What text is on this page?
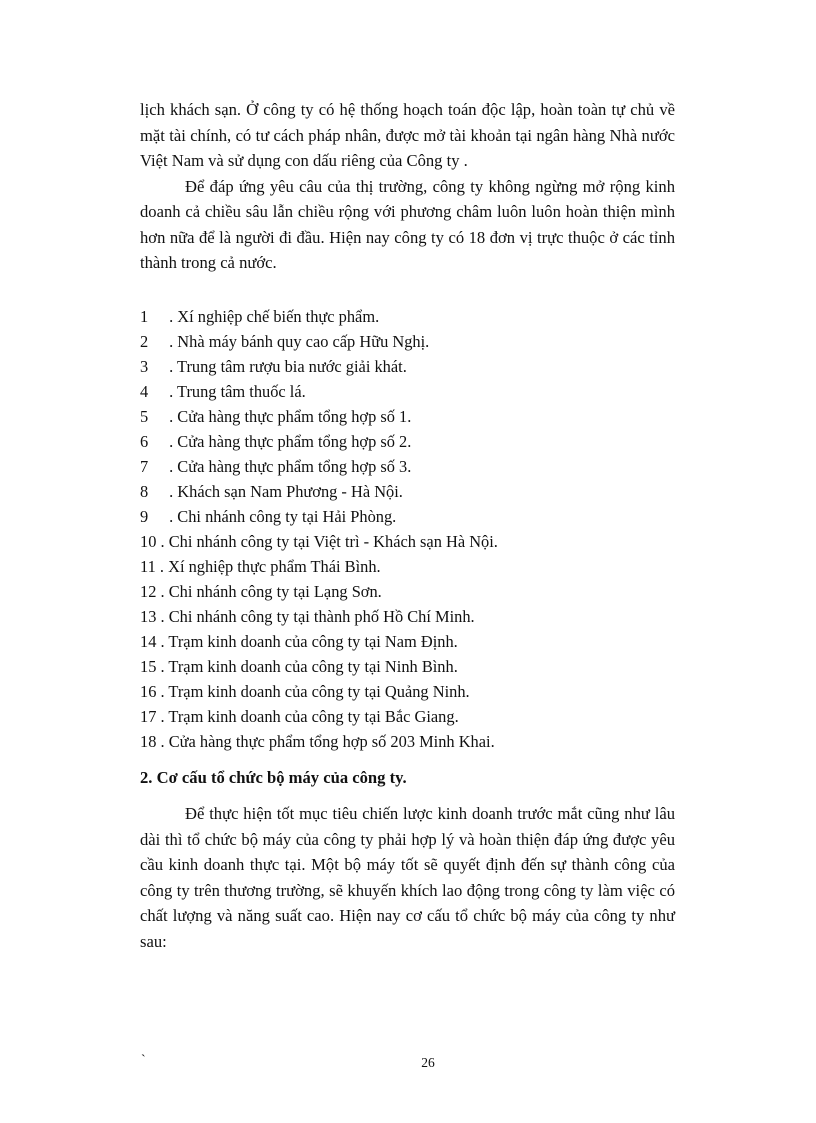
lịch khách sạn. Ở công ty có hệ thống hoạch toán độc lập, hoàn toàn tự chủ về mặt tài chính, có tư cách pháp nhân, được mở tài khoản tại ngân hàng Nhà nước Việt Nam và sử dụng con dấu riêng của Công ty .

Để đáp ứng yêu câu của thị trường, công ty không ngừng mở rộng kinh doanh cả chiều sâu lẫn chiều rộng với phương châm luôn luôn hoàn thiện mình hơn nữa để là người đi đầu. Hiện nay công ty có 18 đơn vị trực thuộc ở các tỉnh thành trong cả nước.

1 . Xí nghiệp chế biến thực phẩm.
2 . Nhà máy bánh quy cao cấp Hữu Nghị.
3 . Trung tâm rượu bia nước giải khát.
4 . Trung tâm thuốc lá.
5 . Cửa hàng thực phẩm tổng hợp số 1.
6 . Cửa hàng thực phẩm tổng hợp số 2.
7 . Cửa hàng thực phẩm tổng hợp số 3.
8 . Khách sạn Nam Phương - Hà Nội.
9 . Chi nhánh công ty tại Hải Phòng.
10 . Chi nhánh công ty tại Việt trì - Khách sạn Hà Nội.
11 . Xí nghiệp thực phẩm Thái Bình.
12 . Chi nhánh công ty tại Lạng Sơn.
13 . Chi nhánh công ty tại thành phố Hồ Chí Minh.
14 . Trạm kinh doanh của công ty tại Nam Định.
15 . Trạm kinh doanh của công ty tại Ninh Bình.
16 . Trạm kinh doanh của công ty tại Quảng Ninh.
17 . Trạm kinh doanh của công ty tại Bắc Giang.
18 . Cửa hàng thực phẩm tổng hợp số 203 Minh Khai.
2. Cơ cấu tổ chức bộ máy của công ty.

Để thực hiện tốt mục tiêu chiến lược kinh doanh trước mắt cũng như lâu dài thì tổ chức bộ máy của công ty phải hợp lý và hoàn thiện đáp ứng được yêu cầu kinh doanh thực tại. Một bộ máy tốt sẽ quyết định đến sự thành công của công ty trên thương trường, sẽ khuyến khích lao động trong công ty làm việc có chất lượng và năng suất cao. Hiện nay cơ cấu tổ chức bộ máy của công ty như sau:

`	26
